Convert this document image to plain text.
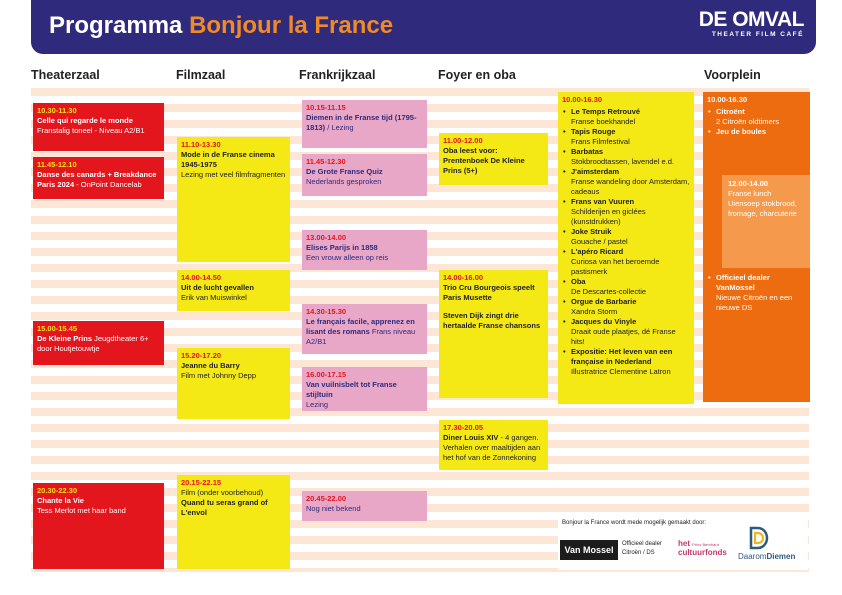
Programma Bonjour la France	DE OMVAL
THEATER FILM CAFÉ
Theaterzaal	Filmzaal	Frankrijkzaal	Foyer en oba	Voorplein
10.30-11.30
Celle qui regarde le monde
Franstalig toneel - Niveau A2/B1
11.45-12.10
Danse des canards + Breakdance Paris 2024 - OnPoint Dancelab
15.00-15.45
De Kleine Prins Jeugdtheater 6+ door Houtjetouwtje
20.30-22.30
Chante la Vie
Tess Merlot met haar band
11.10-13.30
Mode in de Franse cinema 1945-1975
Lezing met veel filmfragmenten
14.00-14.50
Uit de lucht gevallen
Erik van Muiswinkel
15.20-17.20
Jeanne du Barry
Film met Johnny Depp
20.15-22.15
Film (onder voorbehoud)
Quand tu seras grand of L'envol
10.15-11.15
Diemen in de Franse tijd (1795-1813) / Lezing
11.45-12.30
De Grote Franse Quiz
Nederlands gesproken
13.00-14.00
Elises Parijs in 1858
Een vrouw alleen op reis
14.30-15.30
Le français facile, apprenez en lisant des romans Frans niveau A2/B1
16.00-17.15
Van vuilnisbelt tot Franse stijltuin
Lezing
20.45-22.00
Nog niet bekend
11.00-12.00
Oba leest voor: Prentenboek De Kleine Prins (5+)
14.00-16.00
Trio Cru Bourgeois speelt Paris Musette
Steven Dijk zingt drie hertaalde Franse chansons
17.30-20.05
Diner Louis XIV - 4 gangen. Verhalen over maaltijden aan het hof van de Zonnekoning
10.00-16.30
• Le Temps Retrouvé
Franse boekhandel
• Tapis Rouge
Frans Filmfestival
• Barbatas
Stokbroodtassen, lavendel e.d.
• J'aimsterdam
Franse wandeling door Amsterdam, cadeaus
• Frans van Vuuren
Schilderijen en giclées (kunstdrukken)
• Joke Struik
Gouache / pastel
• L'apéro Ricard
Curiosa van het beroemde pastismerk
• Oba
De Descartes-collectie
• Orgue de Barbarie
Xandra Storm
• Jacques du Vinyle
Draait oude plaatjes, dé Franse hits!
• Expositie: Het leven van een française in Nederland
Illustratrice Clementine Latron
10.00-16.30
• Citroënt
2 Citroën oldtimers
• Jeu de boules
• Officieel dealer VanMossel
Nieuwe Citroën en een nieuwe DS
12.00-14.00
Franse lunch
Uiensoep stokbrood, fromage, charcuterie
Bonjour la France wordt mede mogelijk gemaakt door:
Van Mossel
Officieel dealer
Citroën / DS
het Prins Bernhard
cultuurfonds DaaromDiemen
